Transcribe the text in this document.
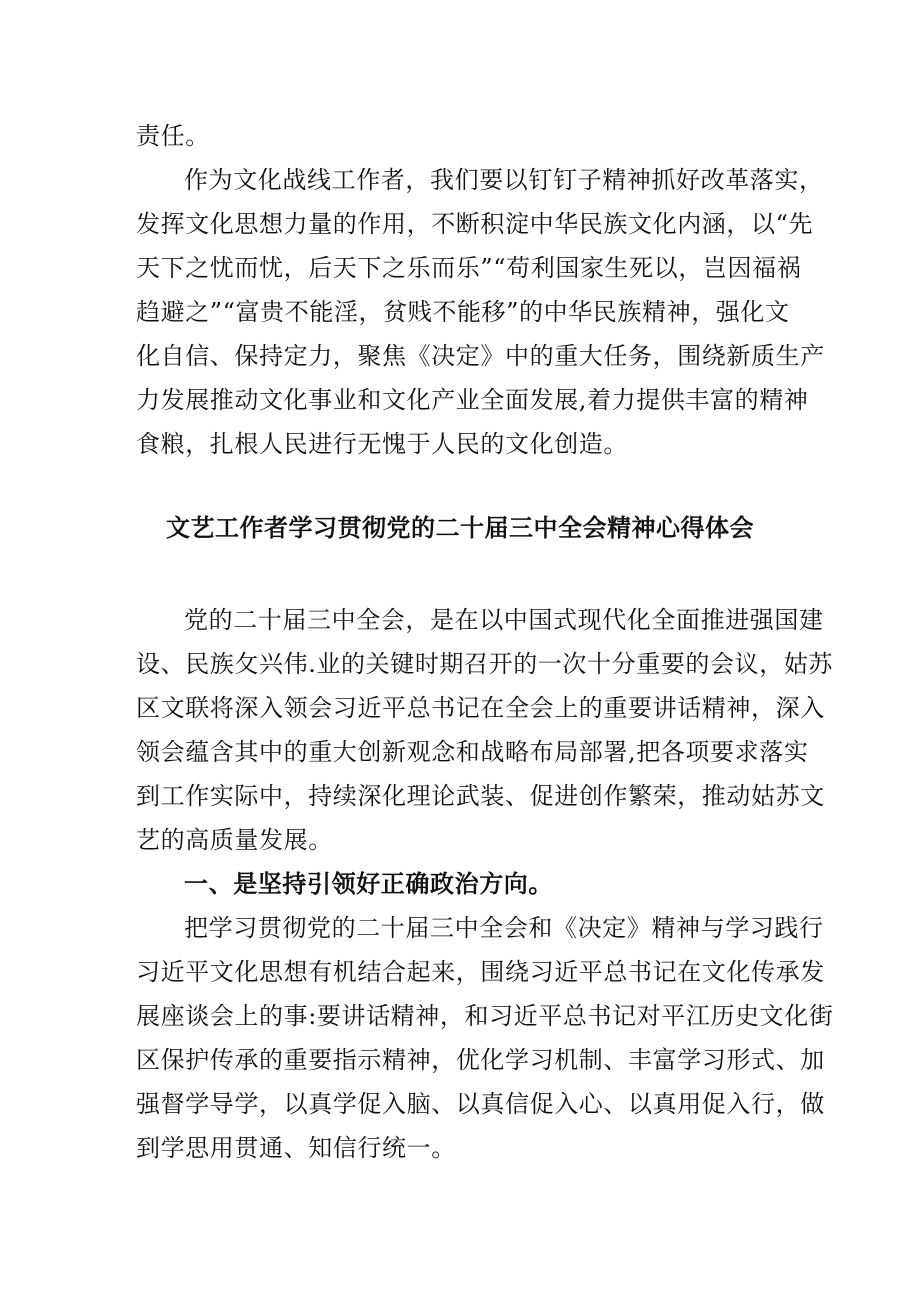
责任。
作为文化战线工作者，我们要以钉钉子精神抓好改革落实，
发挥文化思想力量的作用，不断积淀中华民族文化内涵，以“先
天下之忧而忧，后天下之乐而乐”“苟利国家生死以，岂因福祸
趋避之”“富贵不能淫，贫贱不能移”的中华民族精神，强化文
化自信、保持定力，聚焦《决定》中的重大任务，围绕新质生产
力发展推动文化事业和文化产业全面发展,着力提供丰富的精神
食粮，扎根人民进行无愧于人民的文化创造。
文艺工作者学习贯彻党的二十届三中全会精神心得体会
党的二十届三中全会，是在以中国式现代化全面推进强国建
设、民族攵兴伟.业的关键时期召开的一次十分重要的会议，姑苏
区文联将深入领会习近平总书记在全会上的重要讲话精神，深入
领会蕴含其中的重大创新观念和战略布局部署,把各项要求落实
到工作实际中，持续深化理论武装、促进创作繁荣，推动姑苏文
艺的高质量发展。
一、是坚持引领好正确政治方向。
把学习贯彻党的二十届三中全会和《决定》精神与学习践行
习近平文化思想有机结合起来，围绕习近平总书记在文化传承发
展座谈会上的事:要讲话精神，和习近平总书记对平江历史文化街
区保护传承的重要指示精神，优化学习机制、丰富学习形式、加
强督学导学，以真学促入脑、以真信促入心、以真用促入行，做
到学思用贯通、知信行统一。
